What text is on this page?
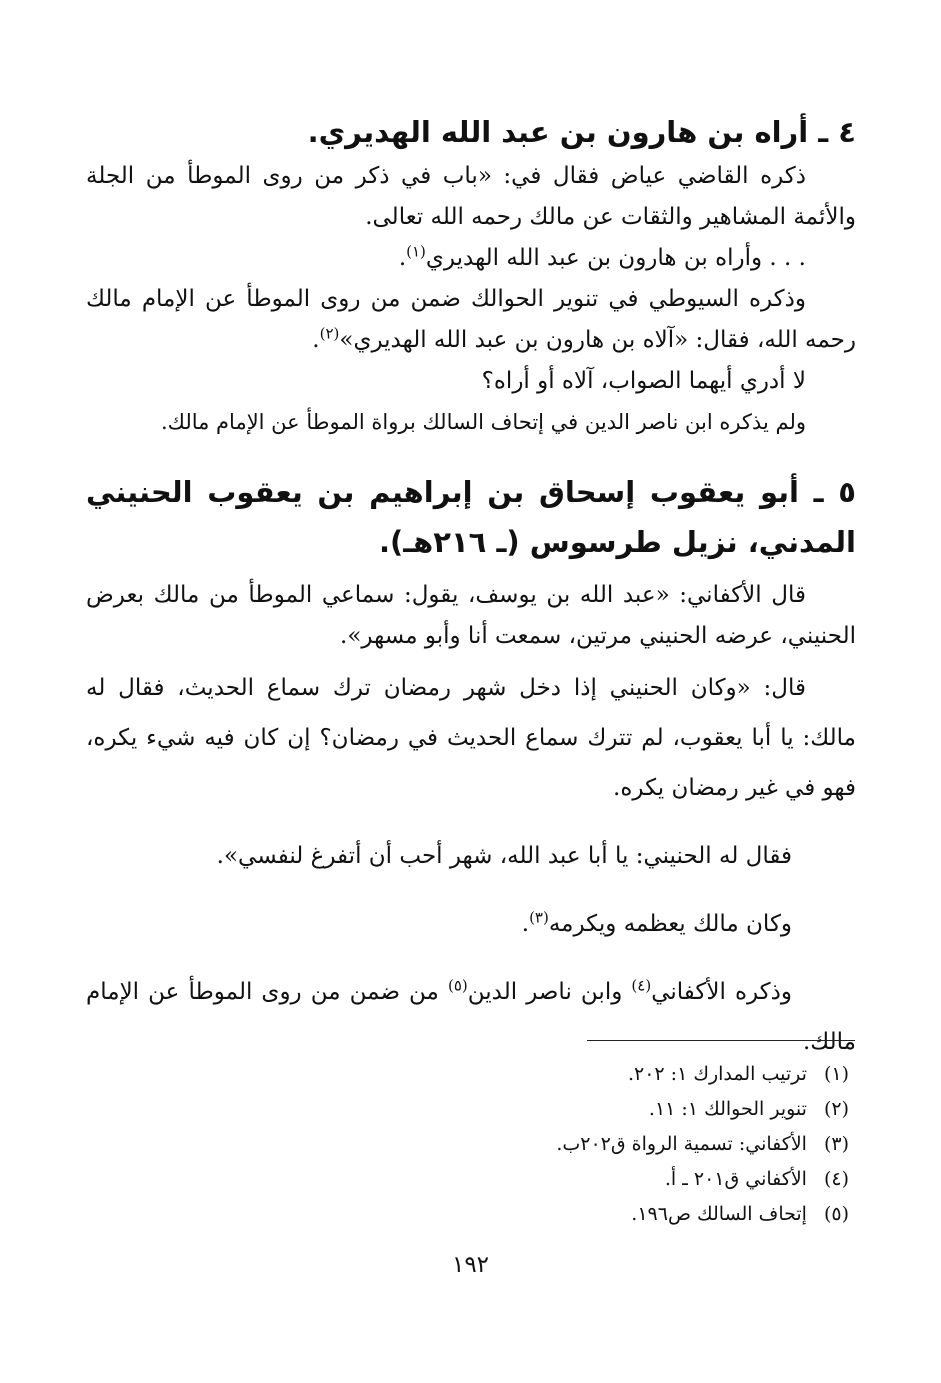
٤ ـ أراه بن هارون بن عبد الله الهديري.

ذكره القاضي عياض فقال في: «باب في ذكر من روى الموطأ من الجلة والأئمة المشاهير والثقات عن مالك رحمه الله تعالى.

. . . وأراه بن هارون بن عبد الله الهديري$^{(١)}$.

وذكره السيوطي في تنوير الحوالك ضمن من روى الموطأ عن الإمام مالك رحمه الله، فقال: «آلاه بن هارون بن عبد الله الهديري»$^{(٢)}$.

لا أدري أيهما الصواب، آلاه أو أراه؟

ولم يذكره ابن ناصر الدين في إتحاف السالك برواة الموطأ عن الإمام مالك.

٥ ـ أبو يعقوب إسحاق بن إبراهيم بن يعقوب الحنيني المدني، نزيل طرسوس (ـ ٢١٦هـ).

قال الأكفاني: «عبد الله بن يوسف، يقول: سماعي الموطأ من مالك بعرض الحنيني، عرضه الحنيني مرتين، سمعت أنا وأبو مسهر».

قال: «وكان الحنيني إذا دخل شهر رمضان ترك سماع الحديث، فقال له مالك: يا أبا يعقوب، لم تترك سماع الحديث في رمضان؟ إن كان فيه شيء يكره، فهو في غير رمضان يكره.

فقال له الحنيني: يا أبا عبد الله، شهر أحب أن أتفرغ لنفسي».

وكان مالك يعظمه ويكرمه$^{(٣)}$.

وذكره الأكفاني$^{(٤)}$ وابن ناصر الدين$^{(٥)}$ من ضمن من روى الموطأ عن الإمام مالك.

(١) ترتيب المدارك ١: ٢٠٢.
(٢) تنوير الحوالك ١: ١١.
(٣) الأكفاني: تسمية الرواة ق٢٠٢ب.
(٤) الأكفاني ق٢٠١ ـ أ.
(٥) إتحاف السالك ص١٩٦.
١٩٢
